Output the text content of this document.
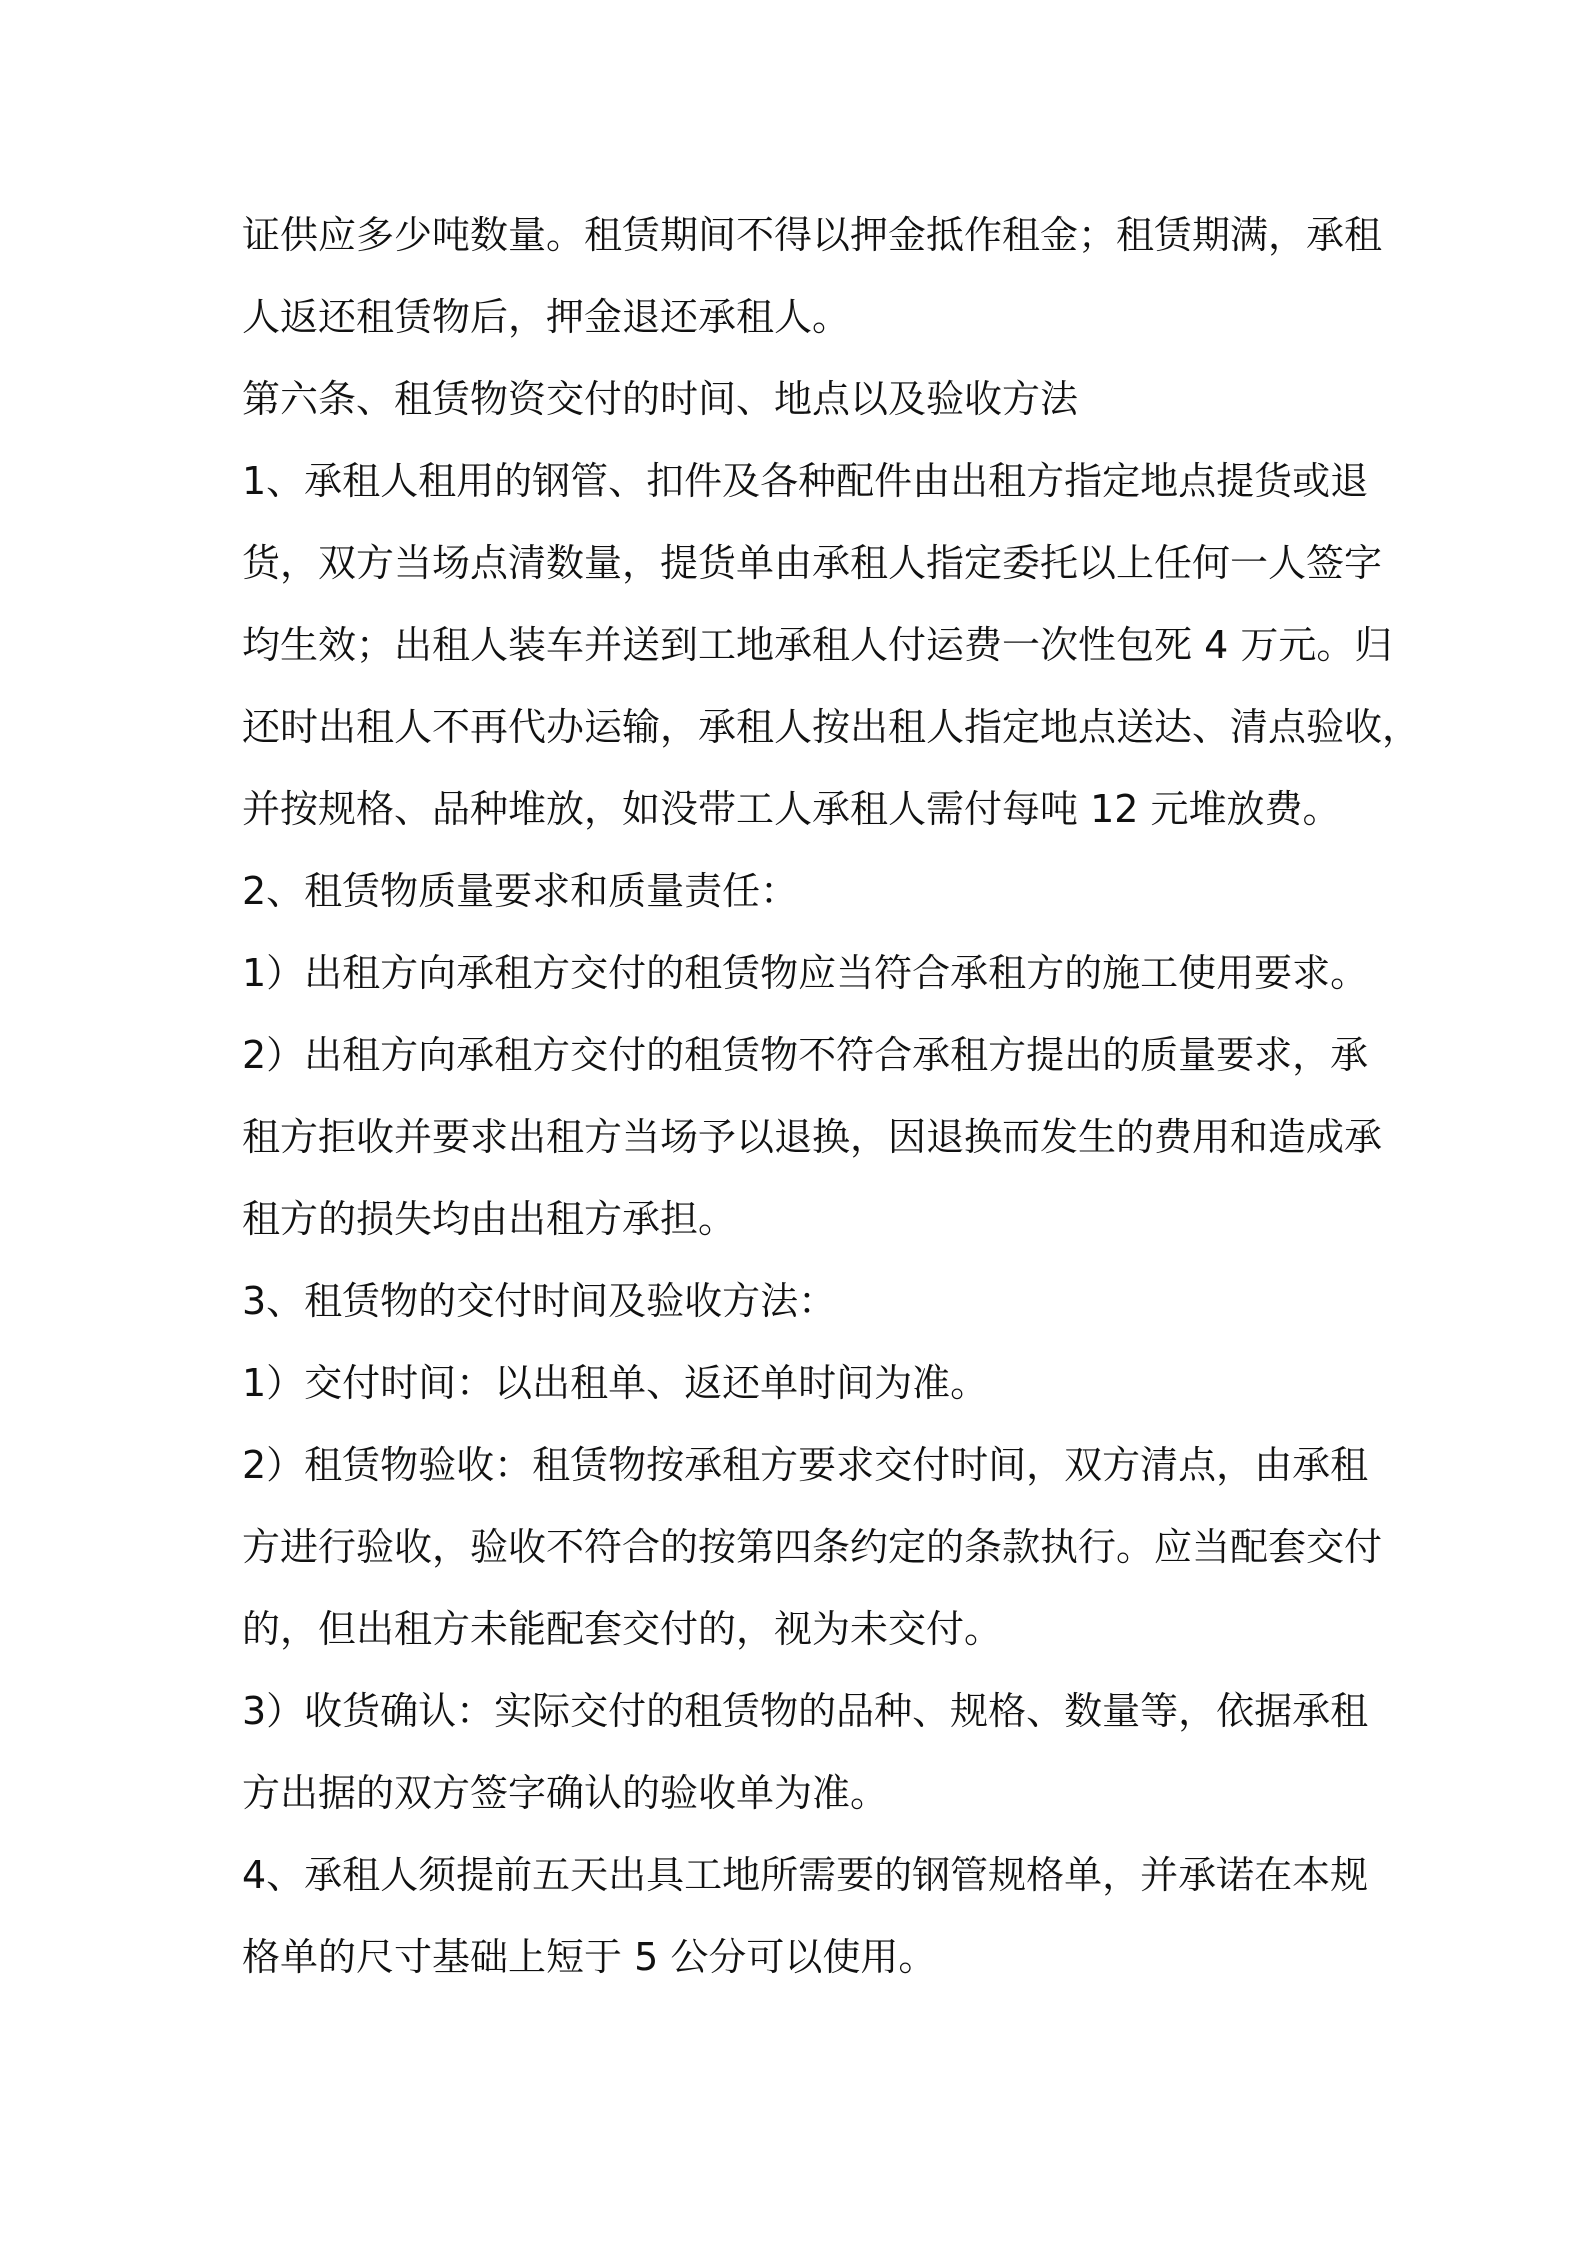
证供应多少吨数量。租赁期间不得以押金抵作租金；租赁期满，承租
人返还租赁物后，押金退还承租人。
第六条、租赁物资交付的时间、地点以及验收方法
1、承租人租用的钢管、扣件及各种配件由出租方指定地点提货或退
货，双方当场点清数量，提货单由承租人指定委托以上任何一人签字
均生效；出租人装车并送到工地承租人付运费一次性包死 4 万元。归
还时出租人不再代办运输，承租人按出租人指定地点送达、清点验收，
并按规格、品种堆放，如没带工人承租人需付每吨 12 元堆放费。
2、租赁物质量要求和质量责任：
1）出租方向承租方交付的租赁物应当符合承租方的施工使用要求。
2）出租方向承租方交付的租赁物不符合承租方提出的质量要求，承
租方拒收并要求出租方当场予以退换，因退换而发生的费用和造成承
租方的损失均由出租方承担。
3、租赁物的交付时间及验收方法：
1）交付时间：以出租单、返还单时间为准。
2）租赁物验收：租赁物按承租方要求交付时间，双方清点，由承租
方进行验收，验收不符合的按第四条约定的条款执行。应当配套交付
的，但出租方未能配套交付的，视为未交付。
3）收货确认：实际交付的租赁物的品种、规格、数量等，依据承租
方出据的双方签字确认的验收单为准。
4、承租人须提前五天出具工地所需要的钢管规格单，并承诺在本规
格单的尺寸基础上短于 5 公分可以使用。
